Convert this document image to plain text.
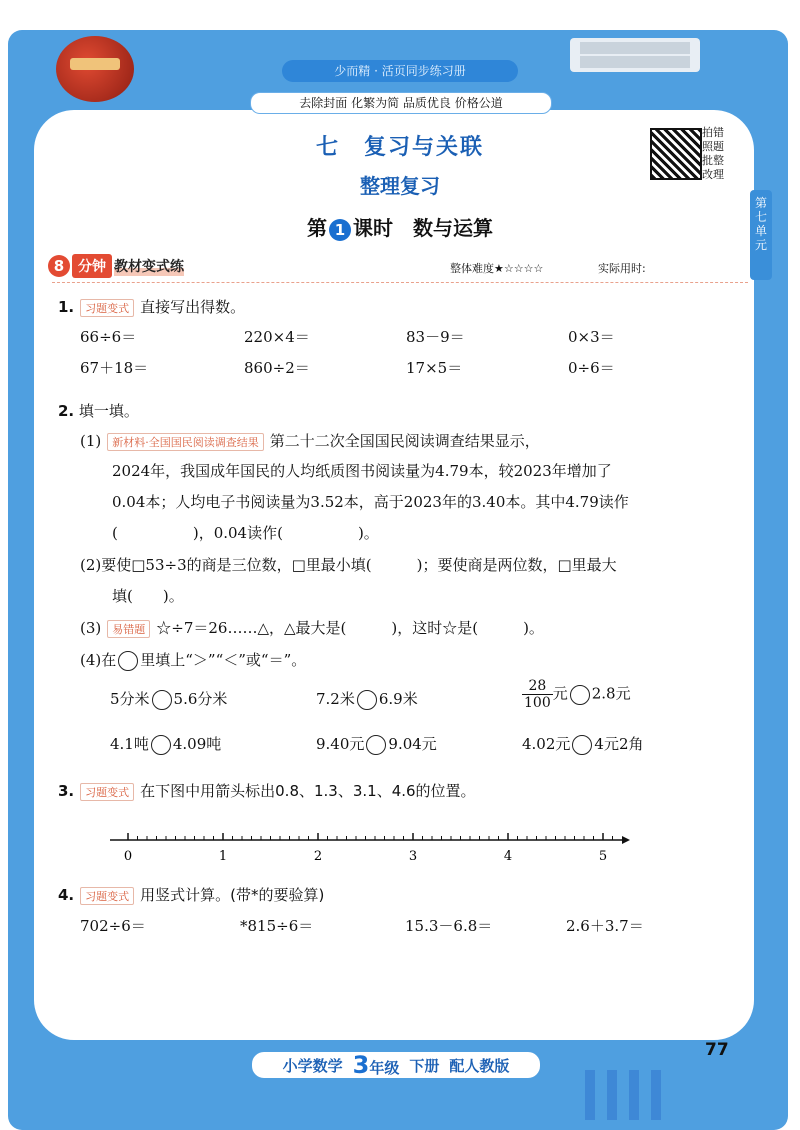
少而精 · 活页同步练习册
去除封面 化繁为简 品质优良 价格公道
拍错照题批整改理
第七单元
七　复习与关联
整理复习
第 1 课时　数与运算
8 分钟 教材变式练	整体难度★☆☆☆☆	实际用时:
1. 习题变式 直接写出得数。
66÷6＝	220×4＝	83－9＝	0×3＝
67＋18＝	860÷2＝	17×5＝	0÷6＝
2. 填一填。
(1) 新材料·全国国民阅读调查结果 第二十二次全国国民阅读调查结果显示，
2024年，我国成年国民的人均纸质图书阅读量为4.79本，较2023年增加了
0.04本；人均电子书阅读量为3.52本，高于2023年的3.40本。其中4.79读作
(　　　　　)，0.04读作(　　　　　)。
(2)要使□53÷3的商是三位数，□里最小填(　　　)；要使商是两位数，□里最大
填(　　)。
(3) 易错题 ☆÷7＝26……△，△最大是(　　　)，这时☆是(　　　)。
(4)在 里填上“＞”“＜”或“＝”。
5分米 5.6分米	7.2米 6.9米	$\frac{28}{100}$ 元 2.8元
4.1吨 4.09吨	9.40元 9.04元	4.02元 4元2角
3. 习题变式 在下图中用箭头标出0.8、1.3、3.1、4.6的位置。
0	1	2	3	4	5
4. 习题变式 用竖式计算。(带*的要验算)
702÷6＝	*815÷6＝	15.3－6.8＝	2.6＋3.7＝
77
小学数学 3年级 下册 配人教版
